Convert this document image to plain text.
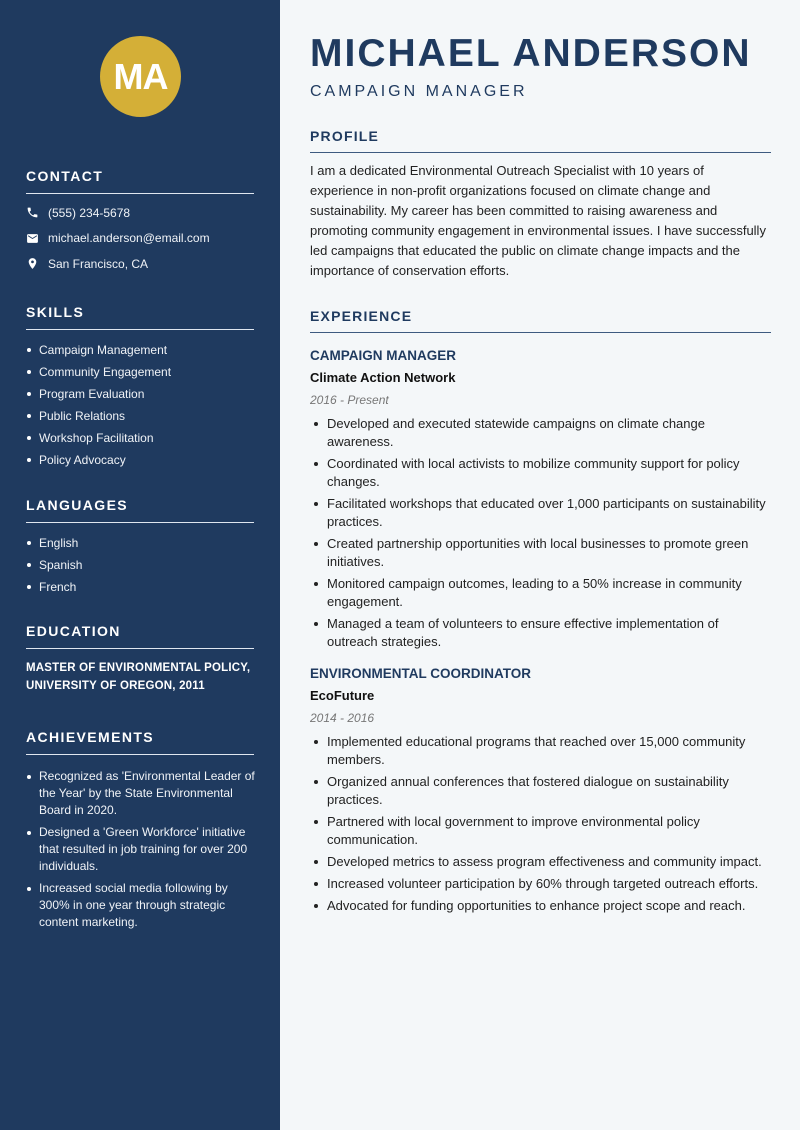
MA
CONTACT
(555) 234-5678
michael.anderson@email.com
San Francisco, CA
SKILLS
Campaign Management
Community Engagement
Program Evaluation
Public Relations
Workshop Facilitation
Policy Advocacy
LANGUAGES
English
Spanish
French
EDUCATION
MASTER OF ENVIRONMENTAL POLICY,
UNIVERSITY OF OREGON, 2011
ACHIEVEMENTS
Recognized as 'Environmental Leader of the Year' by the State Environmental Board in 2020.
Designed a 'Green Workforce' initiative that resulted in job training for over 200 individuals.
Increased social media following by 300% in one year through strategic content marketing.
MICHAEL ANDERSON
CAMPAIGN MANAGER
PROFILE

I am a dedicated Environmental Outreach Specialist with 10 years of experience in non-profit organizations focused on climate change and sustainability. My career has been committed to raising awareness and promoting community engagement in environmental issues. I have successfully led campaigns that educated the public on climate change impacts and the importance of conservation efforts.

EXPERIENCE
CAMPAIGN MANAGER
Climate Action Network
2016 - Present
Developed and executed statewide campaigns on climate change awareness.
Coordinated with local activists to mobilize community support for policy changes.
Facilitated workshops that educated over 1,000 participants on sustainability practices.
Created partnership opportunities with local businesses to promote green initiatives.
Monitored campaign outcomes, leading to a 50% increase in community engagement.
Managed a team of volunteers to ensure effective implementation of outreach strategies.
ENVIRONMENTAL COORDINATOR
EcoFuture
2014 - 2016
Implemented educational programs that reached over 15,000 community members.
Organized annual conferences that fostered dialogue on sustainability practices.
Partnered with local government to improve environmental policy communication.
Developed metrics to assess program effectiveness and community impact.
Increased volunteer participation by 60% through targeted outreach efforts.
Advocated for funding opportunities to enhance project scope and reach.
